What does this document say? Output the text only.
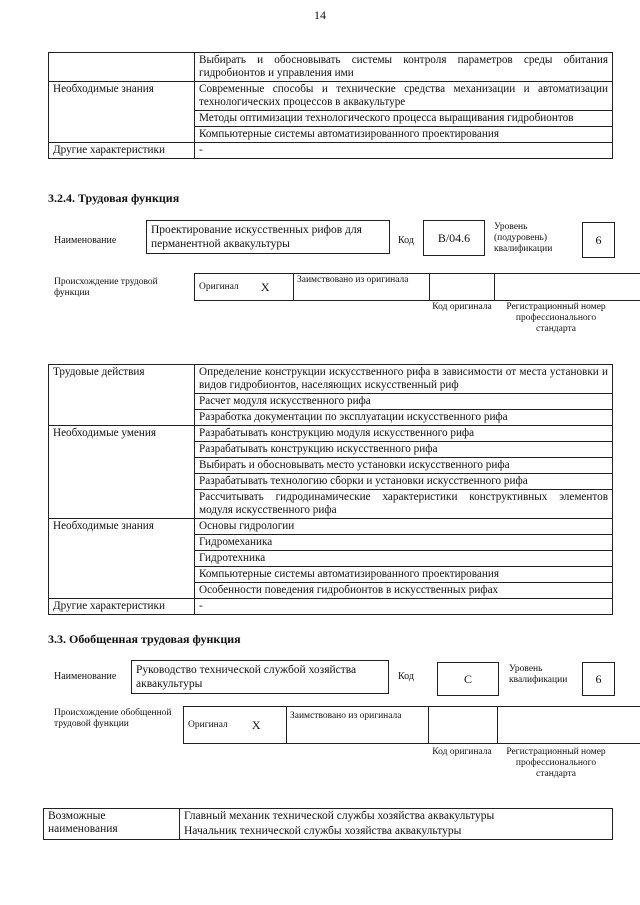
14
	Выбирать и обосновывать системы контроля параметров среды обитания гидробионтов и управления ими
Необходимые знания	Современные способы и технические средства механизации и автоматизации технологических процессов в аквакультуре
	Методы оптимизации технологического процесса выращивания гидробионтов
	Компьютерные системы автоматизированного проектирования
Другие характеристики	-
3.2.4. Трудовая функция
Наименование
Проектирование искусственных рифов для перманентной аквакультуры	Код	B/04.6
Уровень (подуровень) квалификации
6
Происхождение трудовой функции
Оригинал X	Заимствовано из оригинала
Код оригинала	Регистрационный номер профессионального стандарта
Трудовые действия	Определение конструкции искусственного рифа в зависимости от места установки и видов гидробионтов, населяющих искусственный риф
	Расчет модуля искусственного рифа
	Разработка документации по эксплуатации искусственного рифа
Необходимые умения	Разрабатывать конструкцию модуля искусственного рифа
	Разрабатывать конструкцию искусственного рифа
	Выбирать и обосновывать место установки искусственного рифа
	Разрабатывать технологию сборки и установки искусственного рифа
	Рассчитывать гидродинамические характеристики конструктивных элементов модуля искусственного рифа
Необходимые знания	Основы гидрологии
	Гидромеханика
	Гидротехника
	Компьютерные системы автоматизированного проектирования
	Особенности поведения гидробионтов в искусственных рифах
Другие характеристики	-
3.3. Обобщенная трудовая функция
Наименование
Руководство технической службой хозяйства аквакультуры
Код	C
Уровень квалификации	6
Происхождение обобщенной трудовой функции	Оригинал X
Заимствовано из оригинала
Код оригинала	Регистрационный номер профессионального стандарта
Возможные наименования	Главный механик технической службы хозяйства аквакультуры
Начальник технической службы хозяйства аквакультуры
